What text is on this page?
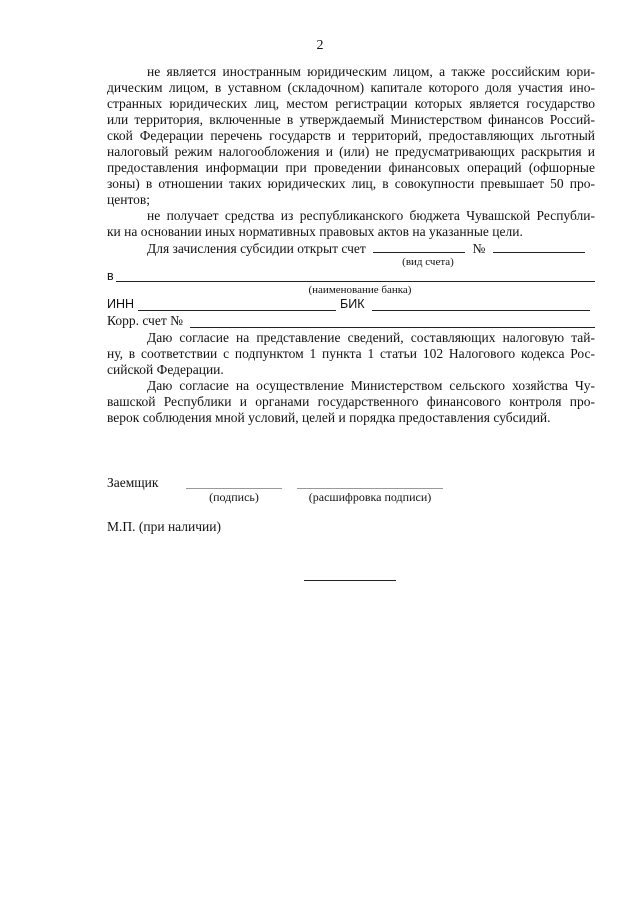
2
не является иностранным юридическим лицом, а также российским юри-
дическим лицом, в уставном (складочном) капитале которого доля участия ино-
странных юридических лиц, местом регистрации которых является государство
или территория, включенные в утверждаемый Министерством финансов Россий-
ской Федерации перечень государств и территорий, предоставляющих льготный
налоговый режим налогообложения и (или) не предусматривающих раскрытия и
предоставления информации при проведении финансовых операций (офшорные
зоны) в отношении таких юридических лиц, в совокупности превышает 50 про-
центов;
не получает средства из республиканского бюджета Чувашской Республи-
ки на основании иных нормативных правовых актов на указанные цели.
Для зачисления субсидии открыт счет	№
(вид счета)
в
(наименование банка)
ИНН	БИК
Корр. счет №
Даю согласие на представление сведений, составляющих налоговую тай-
ну, в соответствии с подпунктом 1 пункта 1 статьи 102 Налогового кодекса Рос-
сийской Федерации.
Даю согласие на осуществление Министерством сельского хозяйства Чу-
вашской Республики и органами государственного финансового контроля про-
верок соблюдения мной условий, целей и порядка предоставления субсидий.
Заемщик
(подпись)	(расшифровка подписи)
М.П. (при наличии)
